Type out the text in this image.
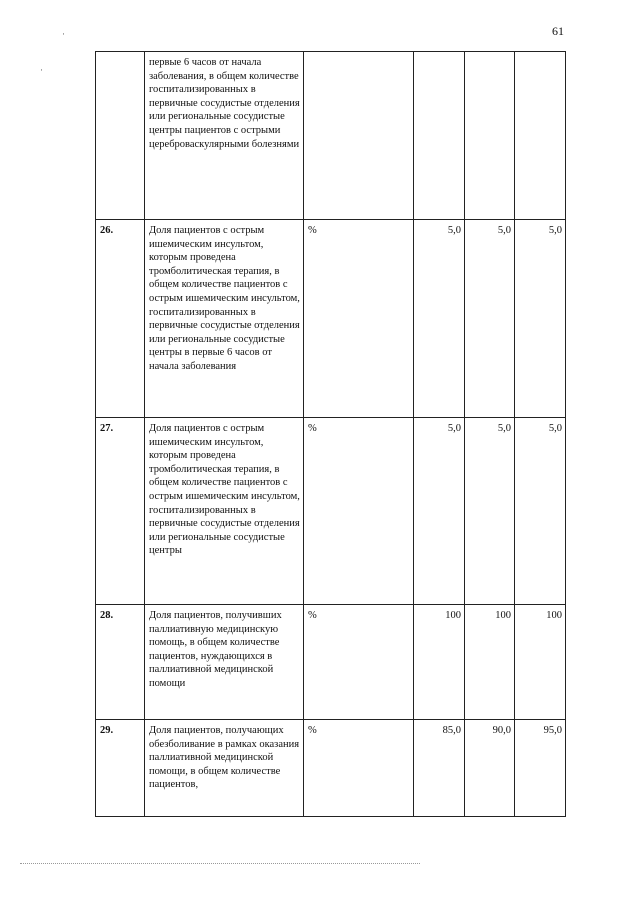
61
·
·
	первые 6 часов от начала заболевания, в общем количестве госпитализированных в первичные сосудистые отделения или региональные сосудистые центры пациентов с острыми цереброваскулярными болезнями				
26.	Доля пациентов с острым ишемическим инсультом, которым проведена тромболитическая терапия, в общем количестве пациентов с острым ишемическим инсультом, госпитализированных в первичные сосудистые отделения или региональные сосудистые центры в первые 6 часов от начала заболевания	%	5,0	5,0	5,0
27.	Доля пациентов с острым ишемическим инсультом, которым проведена тромболитическая терапия, в общем количестве пациентов с острым ишемическим инсультом, госпитализированных в первичные сосудистые отделения или региональные сосудистые центры	%	5,0	5,0	5,0
28.	Доля пациентов, получивших паллиативную медицинскую помощь, в общем количестве пациентов, нуждающихся в паллиативной медицинской помощи	%	100	100	100
29.	Доля пациентов, получающих обезболивание в рамках оказания паллиативной медицинской помощи, в общем количестве пациентов,	%	85,0	90,0	95,0
